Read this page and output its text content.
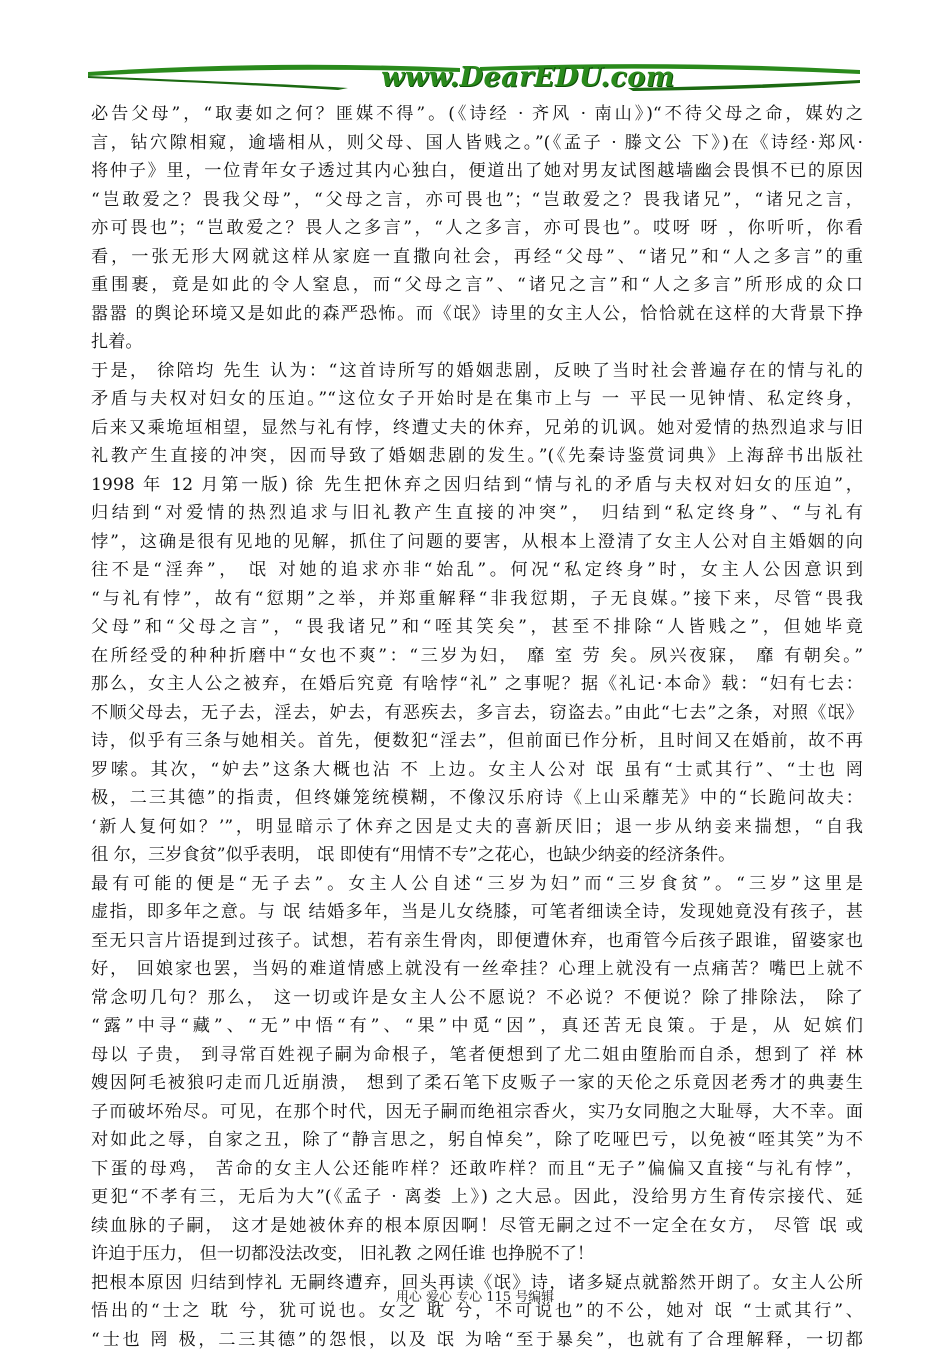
www.DearEDU.com
必告父母”，“取妻如之何？匪媒不得”。(《诗经 · 齐风 · 南山》)“不待父母之命，媒妁之
言，钻穴隙相窥，逾墙相从，则父母、国人皆贱之。”(《孟子 · 滕文公 下》)在《诗经·郑风·
将仲子》里，一位青年女子透过其内心独白，便道出了她对男友试图越墙幽会畏惧不已的原因
“岂敢爱之？畏我父母”，“父母之言，亦可畏也”；“岂敢爱之？畏我诸兄”，“诸兄之言，
亦可畏也”；“岂敢爱之？畏人之多言”，“人之多言，亦可畏也”。哎呀 呀 ，你听听，你看
看，一张无形大网就这样从家庭一直撒向社会，再经“父母”、“诸兄”和“人之多言”的重
重围裹，竟是如此的令人窒息，而“父母之言”、“诸兄之言”和“人之多言”所形成的众口
嚣嚣 的舆论环境又是如此的森严恐怖。而《氓》诗里的女主人公，恰恰就在这样的大背景下挣
扎着。
于是， 徐陪均 先生 认为：“这首诗所写的婚姻悲剧，反映了当时社会普遍存在的情与礼的
矛盾与夫权对妇女的压迫。”“这位女子开始时是在集市上与 一 平民一见钟情、私定终身，
后来又乘垝垣相望，显然与礼有悖，终遭丈夫的休弃，兄弟的讥讽。她对爱情的热烈追求与旧
礼教产生直接的冲突，因而导致了婚姻悲剧的发生。”(《先秦诗鉴赏词典》上海辞书出版社
1998 年 12 月第一版) 徐 先生把休弃之因归结到“情与礼的矛盾与夫权对妇女的压迫”，
归结到“对爱情的热烈追求与旧礼教产生直接的冲突”， 归结到“私定终身”、“与礼有
悖”，这确是很有见地的见解，抓住了问题的要害，从根本上澄清了女主人公对自主婚姻的向
往不是“淫奔”， 氓 对她的追求亦非“始乱”。何况“私定终身”时，女主人公因意识到
“与礼有悖”，故有“愆期”之举，并郑重解释“非我愆期，子无良媒。”接下来，尽管“畏我
父母”和“父母之言”，“畏我诸兄”和“咥其笑矣”，甚至不排除“人皆贱之”，但她毕竟
在所经受的种种折磨中“女也不爽”：“三岁为妇， 靡 室 劳 矣。夙兴夜寐， 靡 有朝矣。”
那么，女主人公之被弃，在婚后究竟 有啥悖“礼” 之事呢？据《礼记·本命》载：“妇有七去：
不顺父母去，无子去，淫去，妒去，有恶疾去，多言去，窃盗去。”由此“七去”之条，对照《氓》
诗，似乎有三条与她相关。首先，便数犯“淫去”，但前面已作分析，且时间又在婚前，故不再
罗嗦。其次，“妒去”这条大概也沾 不 上边。女主人公对 氓 虽有“士贰其行”、“士也 罔
极，二三其德”的指责，但终嫌笼统模糊，不像汉乐府诗《上山采蘼芜》中的“长跪问故夫：
‘新人复何如？’”，明显暗示了休弃之因是丈夫的喜新厌旧；退一步从纳妾来揣想，“自我
徂 尔，三岁食贫”似乎表明， 氓 即使有“用情不专”之花心，也缺少纳妾的经济条件。
最有可能的便是“无子去”。女主人公自述“三岁为妇”而“三岁食贫”。“三岁”这里是
虚指，即多年之意。与 氓 结婚多年，当是儿女绕膝，可笔者细读全诗，发现她竟没有孩子，甚
至无只言片语提到过孩子。试想，若有亲生骨肉，即便遭休弃，也甭管今后孩子跟谁，留婆家也
好， 回娘家也罢，当妈的难道情感上就没有一丝牵挂？心理上就没有一点痛苦？嘴巴上就不
常念叨几句？那么， 这一切或许是女主人公不愿说？不必说？不便说？除了排除法， 除了
“露”中寻“藏”、“无”中悟“有”、“果”中觅“因”，真还苦无良策。于是，从 妃嫔们
母以 子贵， 到寻常百姓视子嗣为命根子，笔者便想到了尤二姐由堕胎而自杀，想到了 祥 林
嫂因阿毛被狼叼走而几近崩溃， 想到了柔石笔下皮贩子一家的天伦之乐竟因老秀才的典妻生
子而破坏殆尽。可见，在那个时代，因无子嗣而绝祖宗香火，实乃女同胞之大耻辱，大不幸。面
对如此之辱，自家之丑，除了“静言思之，躬自悼矣”，除了吃哑巴亏，以免被“咥其笑”为不
下蛋的母鸡， 苦命的女主人公还能咋样？还敢咋样？而且“无子”偏偏又直接“与礼有悖”，
更犯“不孝有三，无后为大”(《孟子 · 离娄 上》) 之大忌。因此，没给男方生育传宗接代、延
续血脉的子嗣， 这才是她被休弃的根本原因啊！尽管无嗣之过不一定全在女方， 尽管 氓 或
许迫于压力， 但一切都没法改变， 旧礼教 之网任谁 也挣脱不了！
把根本原因 归结到悖礼 无嗣终遭弃，回头再读《氓》诗，诸多疑点就豁然开朗了。女主人公所
悟出的“士之 耽 兮，犹可说也。女之 耽 兮，不可说也”的不公，她对 氓 “士贰其行”、
“士也 罔 极，二三其德”的怨恨，以及 氓 为啥“至于暴矣”，也就有了合理解释，一切都
用心 爱心 专心 115 号编辑
